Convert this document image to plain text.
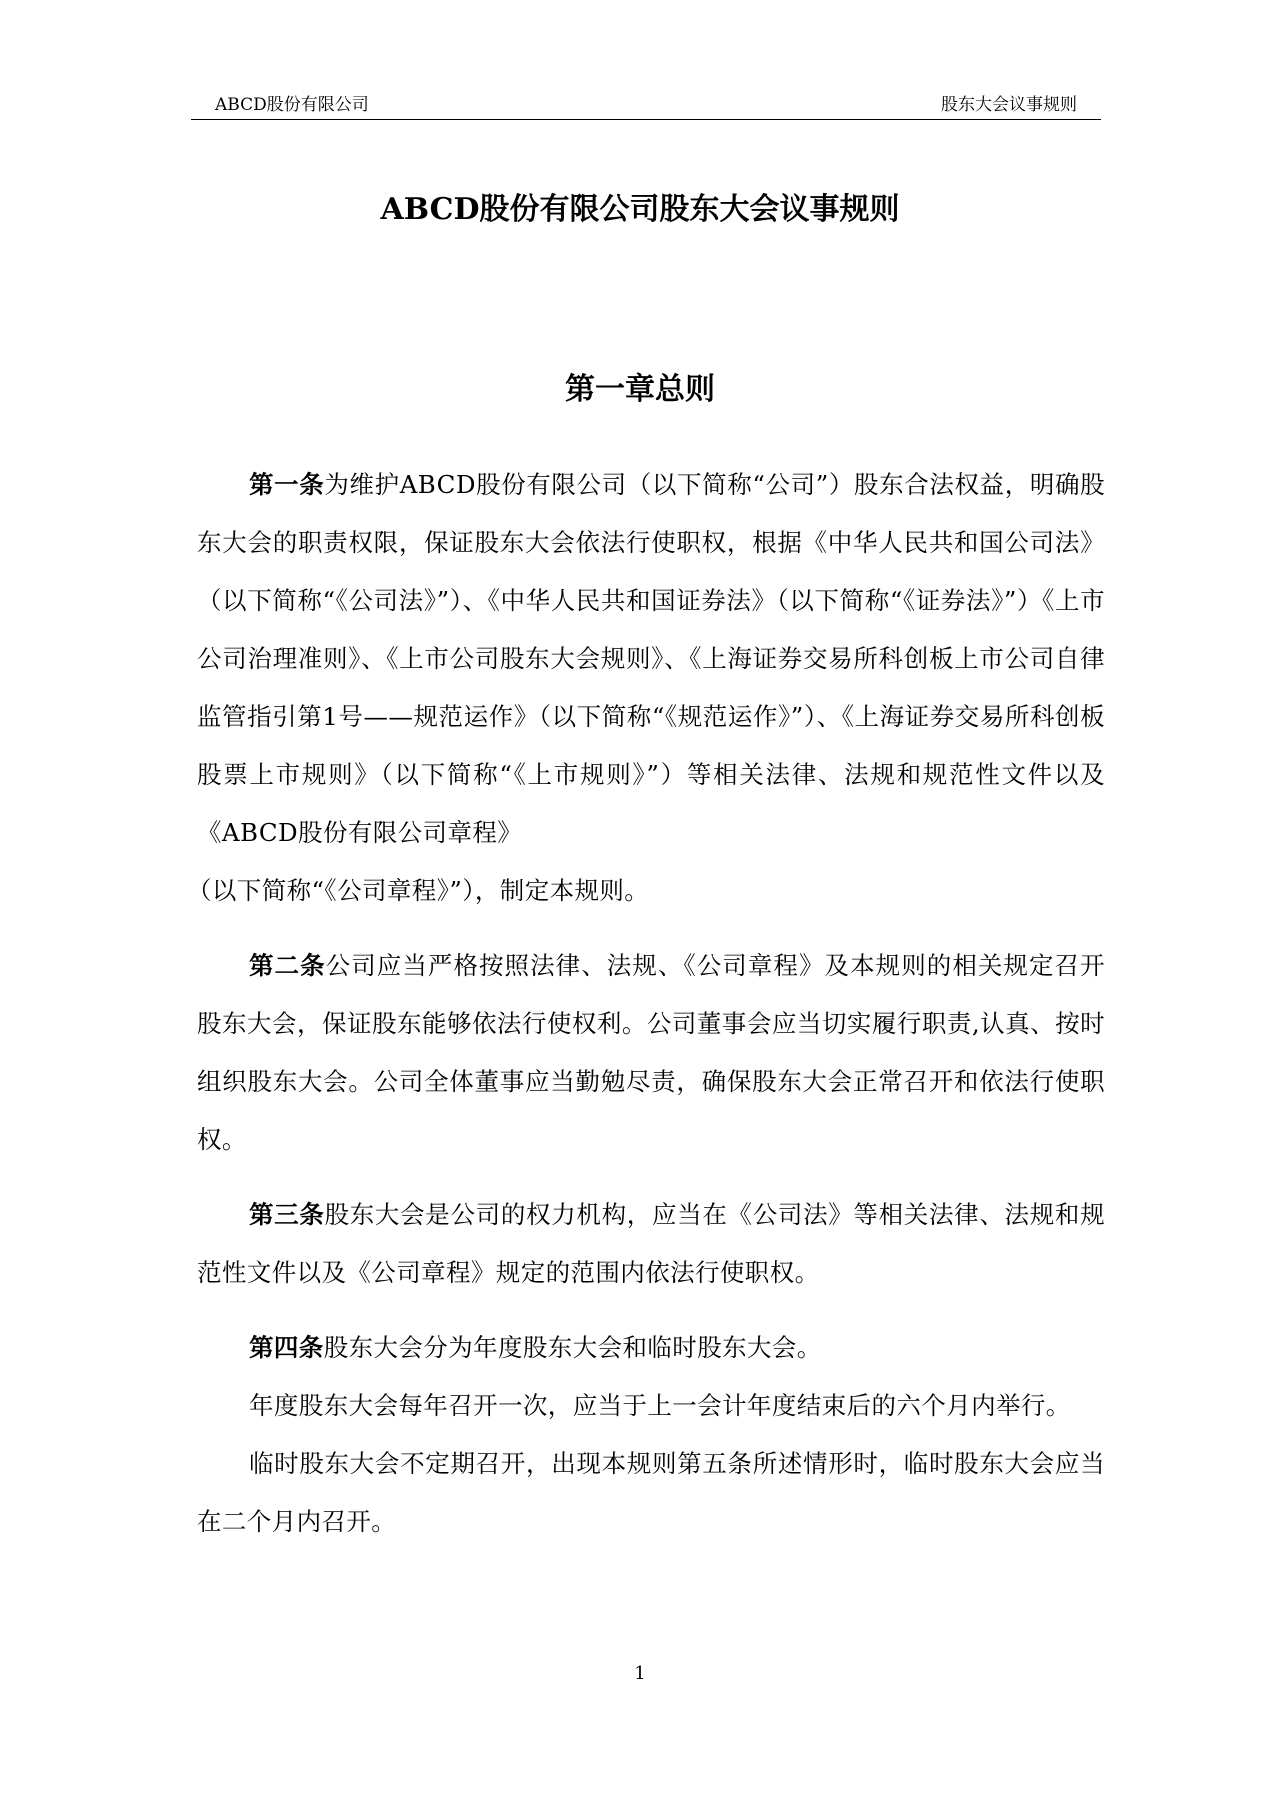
ABCD股份有限公司	股东大会议事规则
ABCD股份有限公司股东大会议事规则
第一章总则

第一条为维护ABCD股份有限公司（以下简称“公司”）股东合法权益，明确股东大会的职责权限，保证股东大会依法行使职权，根据《中华人民共和国公司法》（以下简称“《公司法》”）、《中华人民共和国证券法》（以下简称“《证券法》”）《上市公司治理准则》、《上市公司股东大会规则》、《上海证券交易所科创板上市公司自律监管指引第1号——规范运作》（以下简称“《规范运作》”）、《上海证券交易所科创板股票上市规则》（以下简称“《上市规则》”）等相关法律、法规和规范性文件以及《ABCD股份有限公司章程》
（以下简称“《公司章程》”），制定本规则。

第二条公司应当严格按照法律、法规、《公司章程》及本规则的相关规定召开股东大会，保证股东能够依法行使权利。公司董事会应当切实履行职责,认真、按时组织股东大会。公司全体董事应当勤勉尽责，确保股东大会正常召开和依法行使职权。

第三条股东大会是公司的权力机构，应当在《公司法》等相关法律、法规和规范性文件以及《公司章程》规定的范围内依法行使职权。

第四条股东大会分为年度股东大会和临时股东大会。

年度股东大会每年召开一次，应当于上一会计年度结束后的六个月内举行。

临时股东大会不定期召开，出现本规则第五条所述情形时，临时股东大会应当在二个月内召开。

1
